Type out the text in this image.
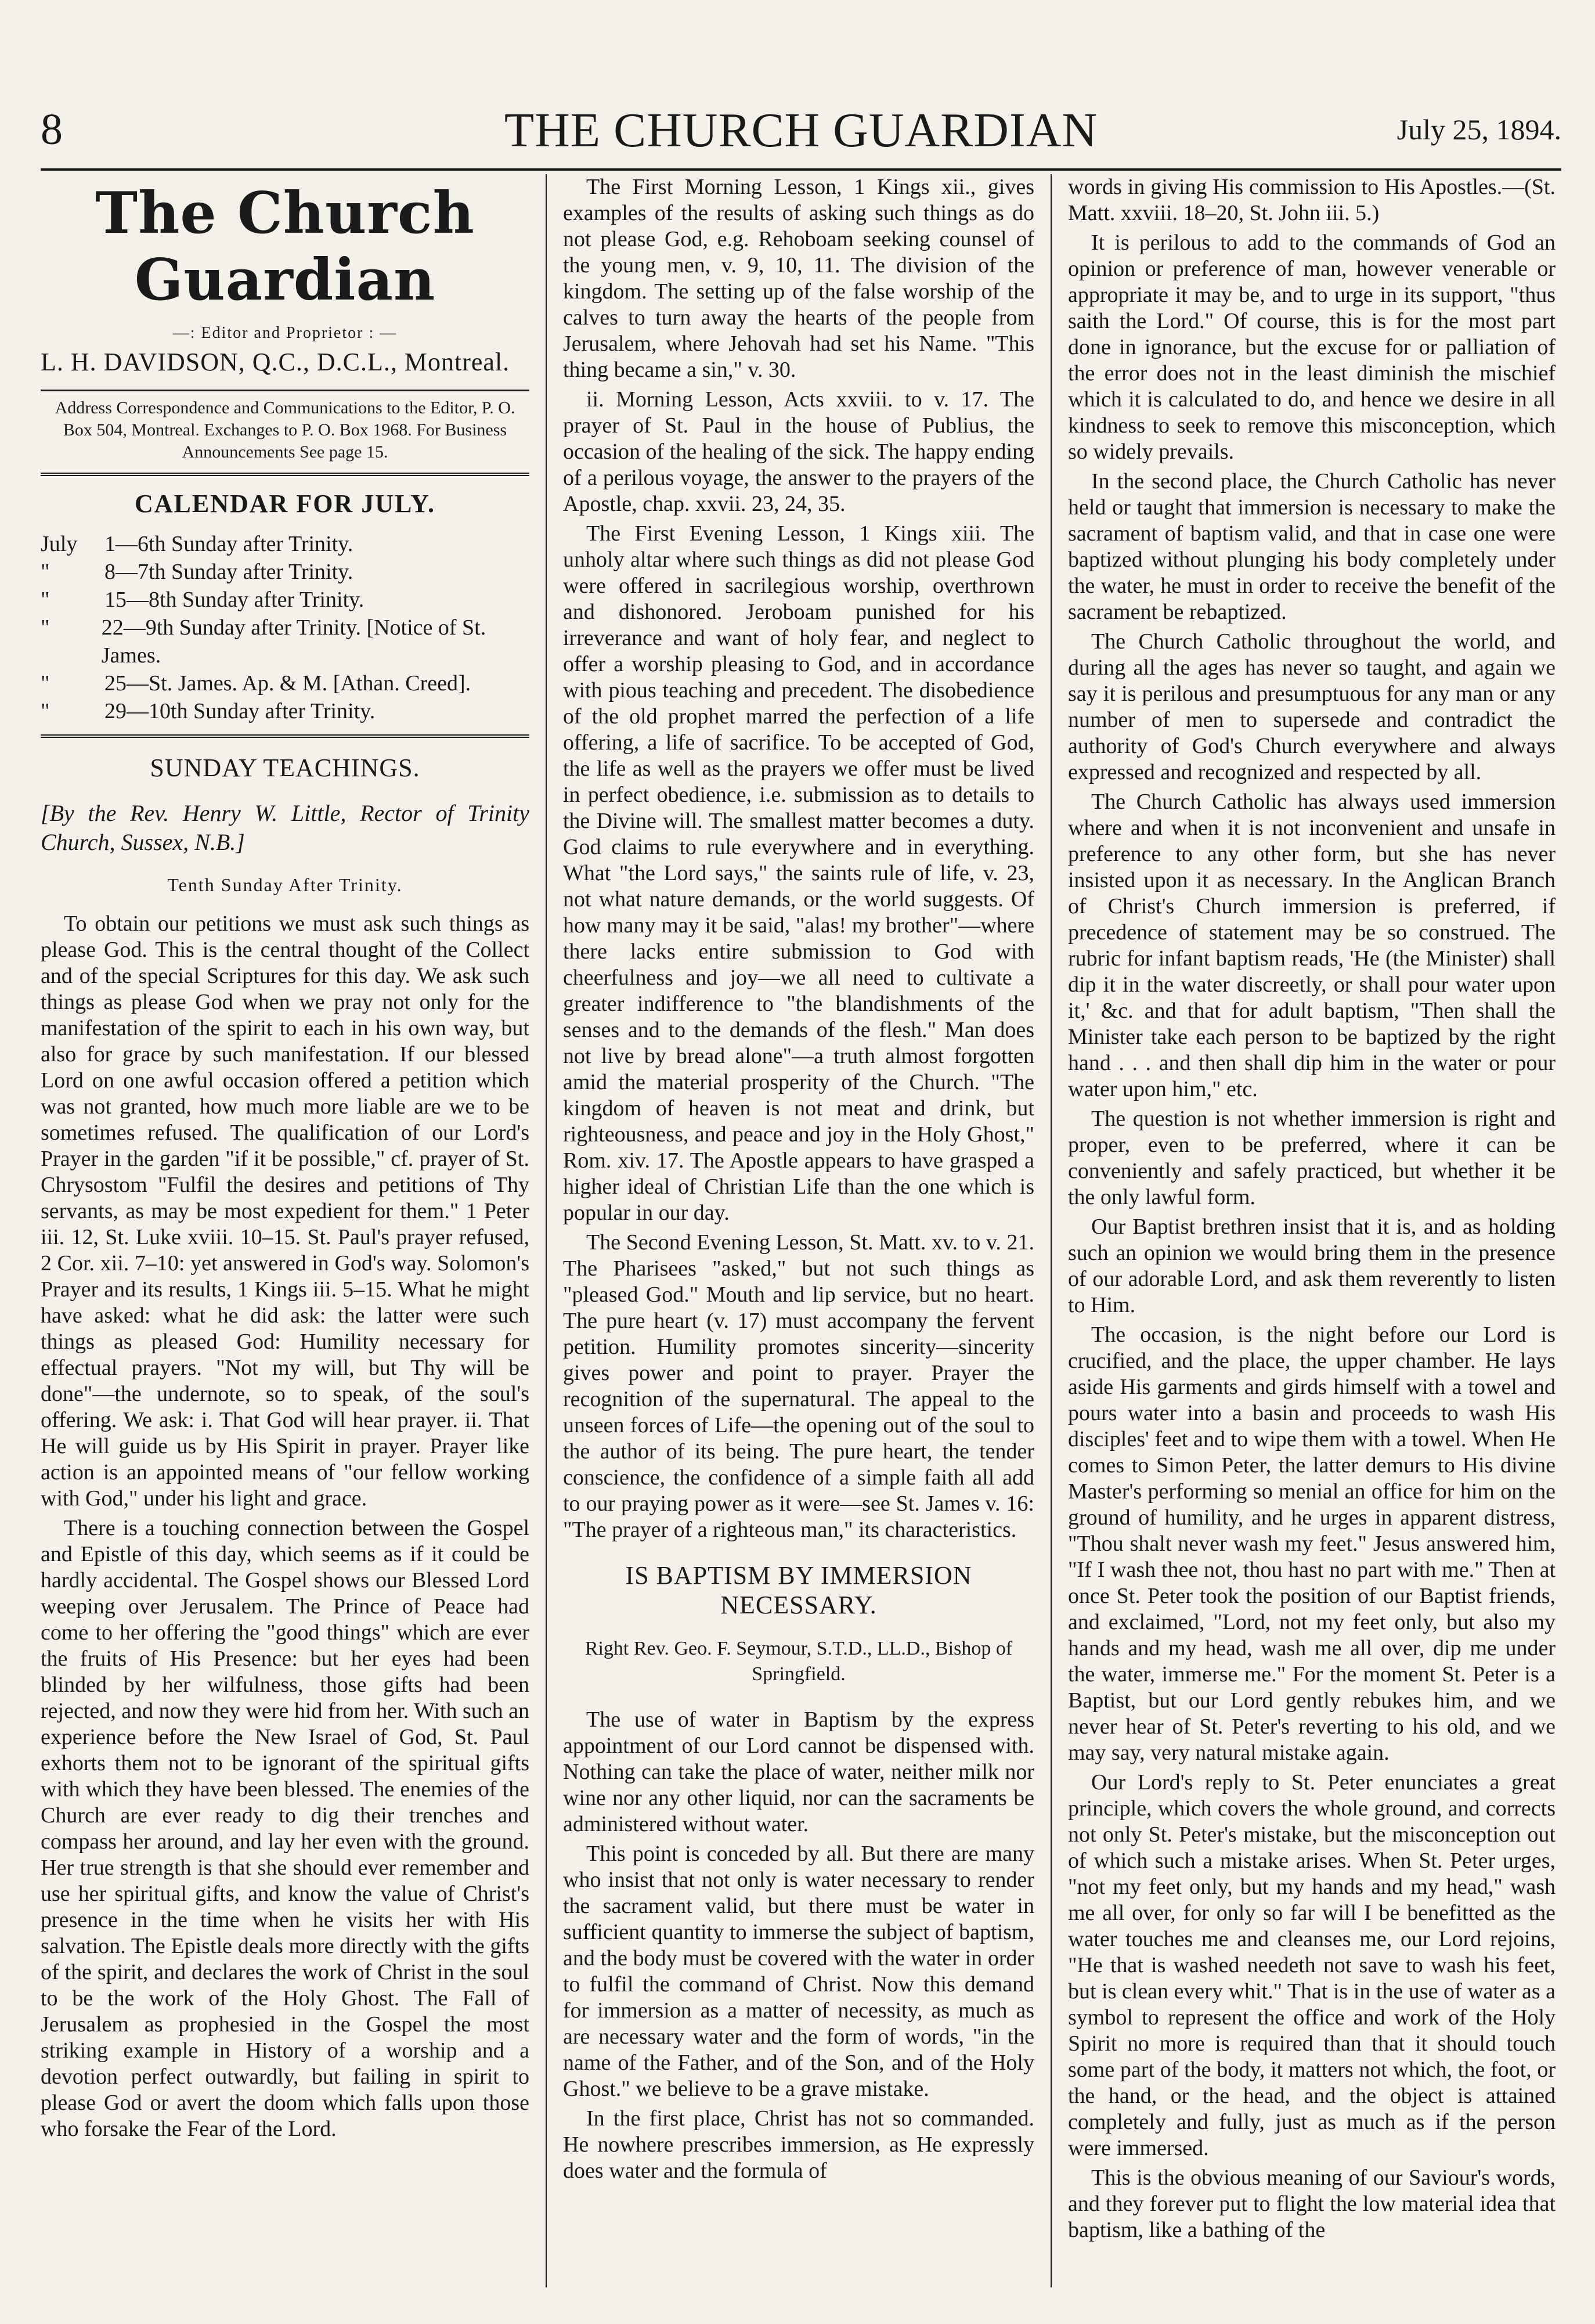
8	THE CHURCH GUARDIAN	July 25, 1894.
The Church Guardian
—: Editor and Proprietor : —
L. H. DAVIDSON, Q.C., D.C.L., Montreal.
Address Correspondence and Communications to the Editor, P. O. Box 504, Montreal. Exchanges to P. O. Box 1968. For Business Announcements See page 15.
CALENDAR FOR JULY.
July	1—6th Sunday after Trinity.
"	8—7th Sunday after Trinity.
"	15—8th Sunday after Trinity.
"	22—9th Sunday after Trinity. [Notice of St. James.
"	25—St. James. Ap. & M. [Athan. Creed].
"	29—10th Sunday after Trinity.
SUNDAY TEACHINGS.
[By the Rev. Henry W. Little, Rector of Trinity Church, Sussex, N.B.]
Tenth Sunday After Trinity.

To obtain our petitions we must ask such things as please God. This is the central thought of the Collect and of the special Scriptures for this day. We ask such things as please God when we pray not only for the manifestation of the spirit to each in his own way, but also for grace by such manifestation. If our blessed Lord on one awful occasion offered a petition which was not granted, how much more liable are we to be sometimes refused. The qualification of our Lord's Prayer in the garden "if it be possible," cf. prayer of St. Chrysostom "Fulfil the desires and petitions of Thy servants, as may be most expedient for them." 1 Peter iii. 12, St. Luke xviii. 10–15. St. Paul's prayer refused, 2 Cor. xii. 7–10: yet answered in God's way. Solomon's Prayer and its results, 1 Kings iii. 5–15. What he might have asked: what he did ask: the latter were such things as pleased God: Humility necessary for effectual prayers. "Not my will, but Thy will be done"—the undernote, so to speak, of the soul's offering. We ask: i. That God will hear prayer. ii. That He will guide us by His Spirit in prayer. Prayer like action is an appointed means of "our fellow working with God," under his light and grace.

There is a touching connection between the Gospel and Epistle of this day, which seems as if it could be hardly accidental. The Gospel shows our Blessed Lord weeping over Jerusalem. The Prince of Peace had come to her offering the "good things" which are ever the fruits of His Presence: but her eyes had been blinded by her wilfulness, those gifts had been rejected, and now they were hid from her. With such an experience before the New Israel of God, St. Paul exhorts them not to be ignorant of the spiritual gifts with which they have been blessed. The enemies of the Church are ever ready to dig their trenches and compass her around, and lay her even with the ground. Her true strength is that she should ever remember and use her spiritual gifts, and know the value of Christ's presence in the time when he visits her with His salvation. The Epistle deals more directly with the gifts of the spirit, and declares the work of Christ in the soul to be the work of the Holy Ghost. The Fall of Jerusalem as prophesied in the Gospel the most striking example in History of a worship and a devotion perfect outwardly, but failing in spirit to please God or avert the doom which falls upon those who forsake the Fear of the Lord.

The First Morning Lesson, 1 Kings xii., gives examples of the results of asking such things as do not please God, e.g. Rehoboam seeking counsel of the young men, v. 9, 10, 11. The division of the kingdom. The setting up of the false worship of the calves to turn away the hearts of the people from Jerusalem, where Jehovah had set his Name. "This thing became a sin," v. 30.

ii. Morning Lesson, Acts xxviii. to v. 17. The prayer of St. Paul in the house of Publius, the occasion of the healing of the sick. The happy ending of a perilous voyage, the answer to the prayers of the Apostle, chap. xxvii. 23, 24, 35.

The First Evening Lesson, 1 Kings xiii. The unholy altar where such things as did not please God were offered in sacrilegious worship, overthrown and dishonored. Jeroboam punished for his irreverance and want of holy fear, and neglect to offer a worship pleasing to God, and in accordance with pious teaching and precedent. The disobedience of the old prophet marred the perfection of a life offering, a life of sacrifice. To be accepted of God, the life as well as the prayers we offer must be lived in perfect obedience, i.e. submission as to details to the Divine will. The smallest matter becomes a duty. God claims to rule everywhere and in everything. What "the Lord says," the saints rule of life, v. 23, not what nature demands, or the world suggests. Of how many may it be said, "alas! my brother"—where there lacks entire submission to God with cheerfulness and joy—we all need to cultivate a greater indifference to "the blandishments of the senses and to the demands of the flesh." Man does not live by bread alone"—a truth almost forgotten amid the material prosperity of the Church. "The kingdom of heaven is not meat and drink, but righteousness, and peace and joy in the Holy Ghost," Rom. xiv. 17. The Apostle appears to have grasped a higher ideal of Christian Life than the one which is popular in our day.

The Second Evening Lesson, St. Matt. xv. to v. 21. The Pharisees "asked," but not such things as "pleased God." Mouth and lip service, but no heart. The pure heart (v. 17) must accompany the fervent petition. Humility promotes sincerity—sincerity gives power and point to prayer. Prayer the recognition of the supernatural. The appeal to the unseen forces of Life—the opening out of the soul to the author of its being. The pure heart, the tender conscience, the confidence of a simple faith all add to our praying power as it were—see St. James v. 16: "The prayer of a righteous man," its characteristics.

IS BAPTISM BY IMMERSION NECESSARY.
Right Rev. Geo. F. Seymour, S.T.D., LL.D., Bishop of Springfield.

The use of water in Baptism by the express appointment of our Lord cannot be dispensed with. Nothing can take the place of water, neither milk nor wine nor any other liquid, nor can the sacraments be administered without water.

This point is conceded by all. But there are many who insist that not only is water necessary to render the sacrament valid, but there must be water in sufficient quantity to immerse the subject of baptism, and the body must be covered with the water in order to fulfil the command of Christ. Now this demand for immersion as a matter of necessity, as much as are necessary water and the form of words, "in the name of the Father, and of the Son, and of the Holy Ghost." we believe to be a grave mistake.

In the first place, Christ has not so commanded. He nowhere prescribes immersion, as He expressly does water and the formula of

words in giving His commission to His Apostles.—(St. Matt. xxviii. 18–20, St. John iii. 5.)

It is perilous to add to the commands of God an opinion or preference of man, however venerable or appropriate it may be, and to urge in its support, "thus saith the Lord." Of course, this is for the most part done in ignorance, but the excuse for or palliation of the error does not in the least diminish the mischief which it is calculated to do, and hence we desire in all kindness to seek to remove this misconception, which so widely prevails.

In the second place, the Church Catholic has never held or taught that immersion is necessary to make the sacrament of baptism valid, and that in case one were baptized without plunging his body completely under the water, he must in order to receive the benefit of the sacrament be rebaptized.

The Church Catholic throughout the world, and during all the ages has never so taught, and again we say it is perilous and presumptuous for any man or any number of men to supersede and contradict the authority of God's Church everywhere and always expressed and recognized and respected by all.

The Church Catholic has always used immersion where and when it is not inconvenient and unsafe in preference to any other form, but she has never insisted upon it as necessary. In the Anglican Branch of Christ's Church immersion is preferred, if precedence of statement may be so construed. The rubric for infant baptism reads, 'He (the Minister) shall dip it in the water discreetly, or shall pour water upon it,' &c. and that for adult baptism, "Then shall the Minister take each person to be baptized by the right hand . . . and then shall dip him in the water or pour water upon him," etc.

The question is not whether immersion is right and proper, even to be preferred, where it can be conveniently and safely practiced, but whether it be the only lawful form.

Our Baptist brethren insist that it is, and as holding such an opinion we would bring them in the presence of our adorable Lord, and ask them reverently to listen to Him.

The occasion, is the night before our Lord is crucified, and the place, the upper chamber. He lays aside His garments and girds himself with a towel and pours water into a basin and proceeds to wash His disciples' feet and to wipe them with a towel. When He comes to Simon Peter, the latter demurs to His divine Master's performing so menial an office for him on the ground of humility, and he urges in apparent distress, "Thou shalt never wash my feet." Jesus answered him, "If I wash thee not, thou hast no part with me." Then at once St. Peter took the position of our Baptist friends, and exclaimed, "Lord, not my feet only, but also my hands and my head, wash me all over, dip me under the water, immerse me." For the moment St. Peter is a Baptist, but our Lord gently rebukes him, and we never hear of St. Peter's reverting to his old, and we may say, very natural mistake again.

Our Lord's reply to St. Peter enunciates a great principle, which covers the whole ground, and corrects not only St. Peter's mistake, but the misconception out of which such a mistake arises. When St. Peter urges, "not my feet only, but my hands and my head," wash me all over, for only so far will I be benefitted as the water touches me and cleanses me, our Lord rejoins, "He that is washed needeth not save to wash his feet, but is clean every whit." That is in the use of water as a symbol to represent the office and work of the Holy Spirit no more is required than that it should touch some part of the body, it matters not which, the foot, or the hand, or the head, and the object is attained completely and fully, just as much as if the person were immersed.

This is the obvious meaning of our Saviour's words, and they forever put to flight the low material idea that baptism, like a bathing of the
